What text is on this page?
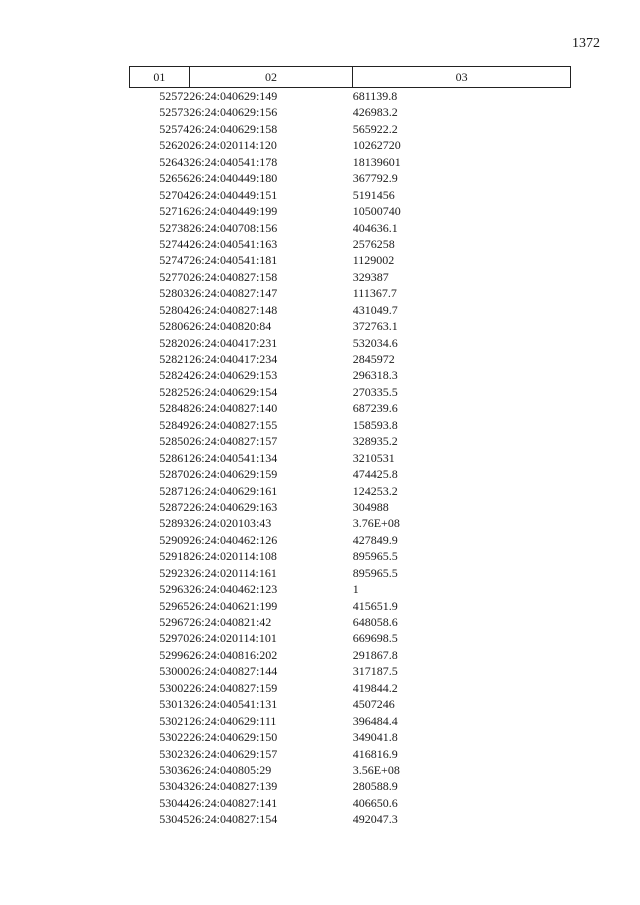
1372
01	02	03
52572	26:24:040629:149	681139.8
52573	26:24:040629:156	426983.2
52574	26:24:040629:158	565922.2
52620	26:24:020114:120	10262720
52643	26:24:040541:178	18139601
52656	26:24:040449:180	367792.9
52704	26:24:040449:151	5191456
52716	26:24:040449:199	10500740
52738	26:24:040708:156	404636.1
52744	26:24:040541:163	2576258
52747	26:24:040541:181	1129002
52770	26:24:040827:158	329387
52803	26:24:040827:147	111367.7
52804	26:24:040827:148	431049.7
52806	26:24:040820:84	372763.1
52820	26:24:040417:231	532034.6
52821	26:24:040417:234	2845972
52824	26:24:040629:153	296318.3
52825	26:24:040629:154	270335.5
52848	26:24:040827:140	687239.6
52849	26:24:040827:155	158593.8
52850	26:24:040827:157	328935.2
52861	26:24:040541:134	3210531
52870	26:24:040629:159	474425.8
52871	26:24:040629:161	124253.2
52872	26:24:040629:163	304988
52893	26:24:020103:43	3.76E+08
52909	26:24:040462:126	427849.9
52918	26:24:020114:108	895965.5
52923	26:24:020114:161	895965.5
52963	26:24:040462:123	1
52965	26:24:040621:199	415651.9
52967	26:24:040821:42	648058.6
52970	26:24:020114:101	669698.5
52996	26:24:040816:202	291867.8
53000	26:24:040827:144	317187.5
53002	26:24:040827:159	419844.2
53013	26:24:040541:131	4507246
53021	26:24:040629:111	396484.4
53022	26:24:040629:150	349041.8
53023	26:24:040629:157	416816.9
53036	26:24:040805:29	3.56E+08
53043	26:24:040827:139	280588.9
53044	26:24:040827:141	406650.6
53045	26:24:040827:154	492047.3
